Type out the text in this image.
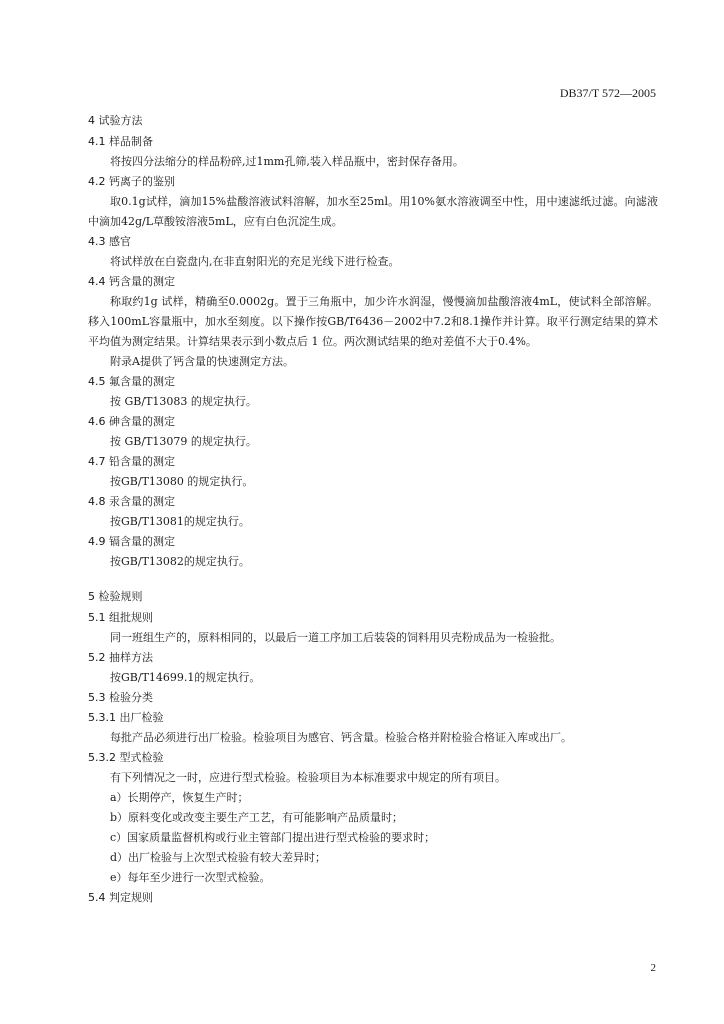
DB37/T 572—2005
4 试验方法
4.1 样品制备
将按四分法缩分的样品粉碎,过1mm孔筛,装入样品瓶中，密封保存备用。
4.2 钙离子的鉴别
取0.1g试样，滴加15%盐酸溶液试料溶解，加水至25ml。用10%氨水溶液调至中性，用中速滤纸过滤。向滤液中滴加42g/L草酸铵溶液5mL，应有白色沉淀生成。
4.3 感官
将试样放在白瓷盘内,在非直射阳光的充足光线下进行检查。
4.4 钙含量的测定
称取约1g 试样，精确至0.0002g。置于三角瓶中，加少许水润湿，慢慢滴加盐酸溶液4mL，使试料全部溶解。移入100mL容量瓶中，加水至刻度。以下操作按GB/T6436－2002中7.2和8.1操作并计算。取平行测定结果的算术平均值为测定结果。计算结果表示到小数点后 1 位。两次测试结果的绝对差值不大于0.4%。
附录A提供了钙含量的快速测定方法。
4.5 氟含量的测定
按 GB/T13083 的规定执行。
4.6 砷含量的测定
按 GB/T13079 的规定执行。
4.7 铅含量的测定
按GB/T13080 的规定执行。
4.8 汞含量的测定
按GB/T13081的规定执行。
4.9 镉含量的测定
按GB/T13082的规定执行。
5 检验规则
5.1 组批规则
同一班组生产的，原料相同的，以最后一道工序加工后装袋的饲料用贝壳粉成品为一检验批。
5.2 抽样方法
按GB/T14699.1的规定执行。
5.3 检验分类
5.3.1 出厂检验
每批产品必须进行出厂检验。检验项目为感官、钙含量。检验合格并附检验合格证入库或出厂。
5.3.2 型式检验
有下列情况之一时，应进行型式检验。检验项目为本标准要求中规定的所有项目。
a）长期停产，恢复生产时；
b）原料变化或改变主要生产工艺，有可能影响产品质量时；
c）国家质量监督机构或行业主管部门提出进行型式检验的要求时；
d）出厂检验与上次型式检验有较大差异时；
e）每年至少进行一次型式检验。
5.4 判定规则
2
